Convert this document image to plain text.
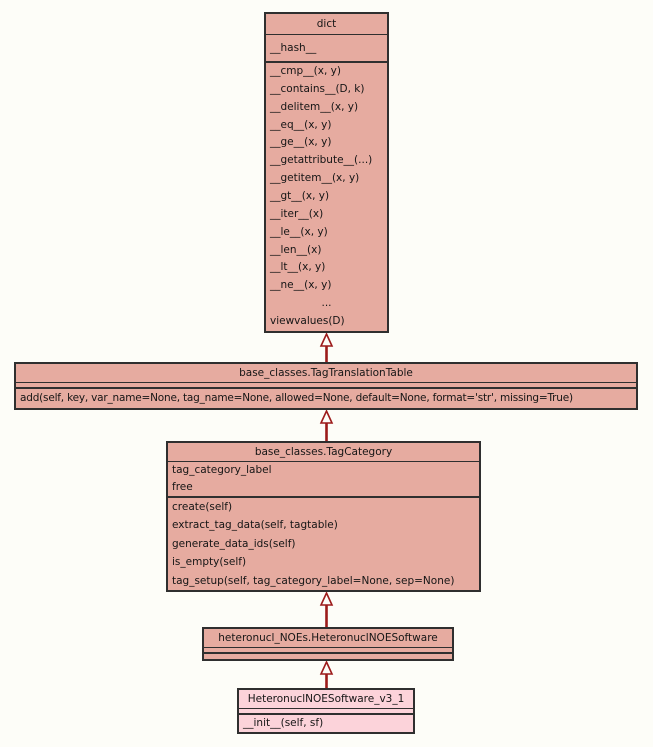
dict
__hash__
__cmp__(x, y)
__contains__(D, k)
__delitem__(x, y)
__eq__(x, y)
__ge__(x, y)
__getattribute__(...)
__getitem__(x, y)
__gt__(x, y)
__iter__(x)
__le__(x, y)
__len__(x)
__lt__(x, y)
__ne__(x, y)
...
viewvalues(D)
base_classes.TagTranslationTable
add(self, key, var_name=None, tag_name=None, allowed=None, default=None, format='str', missing=True)
base_classes.TagCategory
tag_category_label
free
create(self)
extract_tag_data(self, tagtable)
generate_data_ids(self)
is_empty(self)
tag_setup(self, tag_category_label=None, sep=None)
heteronucl_NOEs.HeteronuclNOESoftware
HeteronuclNOESoftware_v3_1
__init__(self, sf)
